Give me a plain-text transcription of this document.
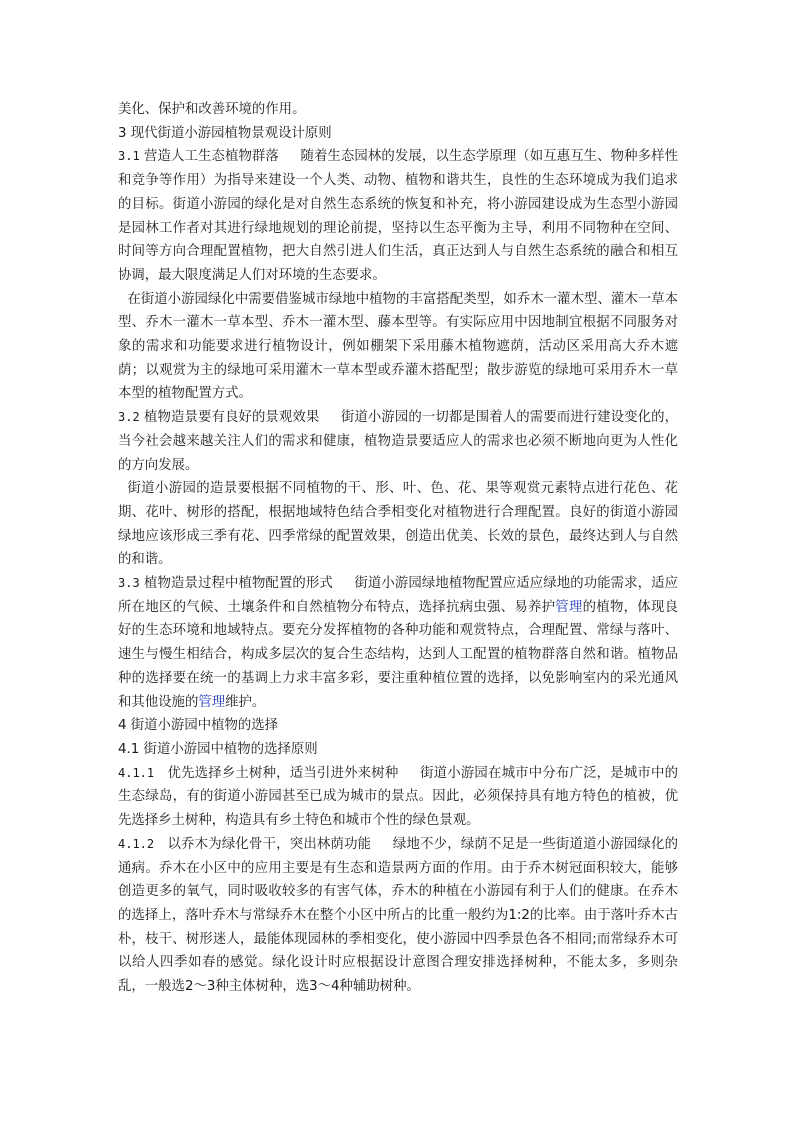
美化、保护和改善环境的作用。

3 现代街道小游园植物景观设计原则

3.1 营造人工生态植物群落 随着生态园林的发展，以生态学原理（如互惠互生、物种多样性和竞争等作用）为指导来建设一个人类、动物、植物和谐共生，良性的生态环境成为我们追求的目标。街道小游园的绿化是对自然生态系统的恢复和补充，将小游园建设成为生态型小游园是园林工作者对其进行绿地规划的理论前提，坚持以生态平衡为主导，利用不同物种在空间、时间等方向合理配置植物，把大自然引进人们生活，真正达到人与自然生态系统的融合和相互协调，最大限度满足人们对环境的生态要求。

在街道小游园绿化中需要借鉴城市绿地中植物的丰富搭配类型，如乔木一灌木型、灌木一草本型、乔木一灌木一草本型、乔木一灌木型、藤本型等。有实际应用中因地制宜根据不同服务对象的需求和功能要求进行植物设计，例如棚架下采用藤木植物遮荫，活动区采用高大乔木遮荫；以观赏为主的绿地可采用灌木一草本型或乔灌木搭配型；散步游览的绿地可采用乔木一草本型的植物配置方式。

3.2 植物造景要有良好的景观效果 街道小游园的一切都是围着人的需要而进行建设变化的，当今社会越来越关注人们的需求和健康，植物造景要适应人的需求也必须不断地向更为人性化的方向发展。

街道小游园的造景要根据不同植物的干、形、叶、色、花、果等观赏元素特点进行花色、花期、花叶、树形的搭配，根据地域特色结合季相变化对植物进行合理配置。良好的街道小游园绿地应该形成三季有花、四季常绿的配置效果，创造出优美、长效的景色，最终达到人与自然的和谐。

3.3 植物造景过程中植物配置的形式 街道小游园绿地植物配置应适应绿地的功能需求，适应所在地区的气候、土壤条件和自然植物分布特点，选择抗病虫强、易养护管理的植物，体现良好的生态环境和地域特点。要充分发挥植物的各种功能和观赏特点，合理配置、常绿与落叶、速生与慢生相结合，构成多层次的复合生态结构，达到人工配置的植物群落自然和谐。植物品种的选择要在统一的基调上力求丰富多彩，要注重种植位置的选择，以免影响室内的采光通风和其他设施的管理维护。

4 街道小游园中植物的选择

4.1 街道小游园中植物的选择原则

4.1.1 优先选择乡土树种，适当引进外来树种 街道小游园在城市中分布广泛，是城市中的生态绿岛，有的街道小游园甚至已成为城市的景点。因此，必须保持具有地方特色的植被，优先选择乡土树种，构造具有乡土特色和城市个性的绿色景观。

4.1.2 以乔木为绿化骨干，突出林荫功能 绿地不少，绿荫不足是一些街道道小游园绿化的通病。乔木在小区中的应用主要是有生态和造景两方面的作用。由于乔木树冠面积较大，能够创造更多的氧气，同时吸收较多的有害气体，乔木的种植在小游园有利于人们的健康。在乔木的选择上，落叶乔木与常绿乔木在整个小区中所占的比重一般约为1:2的比率。由于落叶乔木古朴，枝干、树形迷人，最能体现园林的季相变化，使小游园中四季景色各不相同;而常绿乔木可以给人四季如春的感觉。绿化设计时应根据设计意图合理安排选择树种，不能太多，多则杂乱，一般选2～3种主体树种，选3～4种辅助树种。
